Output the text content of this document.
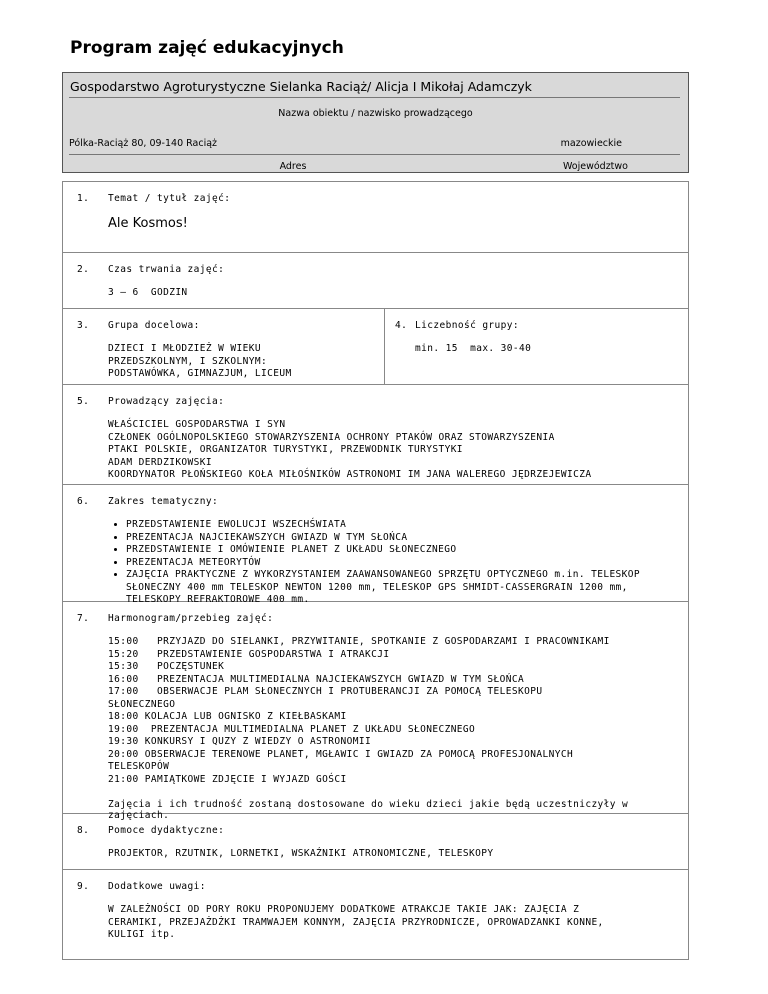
Program zajęć edukacyjnych
Gospodarstwo Agroturystyczne Sielanka Raciąż/ Alicja I Mikołaj Adamczyk
Nazwa obiektu / nazwisko prowadzącego
Pólka-Raciąż 80, 09-140 Raciąż	mazowieckie
Adres	Województwo
1. Temat / tytuł zajęć:
Ale Kosmos!
2. Czas trwania zajęć:
3 – 6  GODZIN
3. Grupa docelowa:
DZIECI I MŁODZIEŻ W WIEKU
PRZEDSZKOLNYM, I SZKOLNYM:
PODSTAWÓWKA, GIMNAZJUM, LICEUM
4. Liczebność grupy:
min. 15  max. 30-40
5. Prowadzący zajęcia:
WŁAŚCICIEL GOSPODARSTWA I SYN
CZŁONEK OGÓLNOPOLSKIEGO STOWARZYSZENIA OCHRONY PTAKÓW ORAZ STOWARZYSZENIA
PTAKI POLSKIE, ORGANIZATOR TURYSTYKI, PRZEWODNIK TURYSTYKI
ADAM DERDZIKOWSKI
KOORDYNATOR PŁOŃSKIEGO KOŁA MIŁOŚNIKÓW ASTRONOMI IM JANA WALEREGO JĘDRZEJEWICZA
6. Zakres tematyczny:
• PRZEDSTAWIENIE EWOLUCJI WSZECHŚWIATA
• PREZENTACJA NAJCIEKAWSZYCH GWIAZD W TYM SŁOŃCA
• PRZEDSTAWIENIE I OMÓWIENIE PLANET Z UKŁADU SŁONECZNEGO
• PREZENTACJA METEORYTÓW
• ZAJĘCIA PRAKTYCZNE Z WYKORZYSTANIEM ZAAWANSOWANEGO SPRZĘTU OPTYCZNEGO m.in. TELESKOP SŁONECZNY 400 mm TELESKOP NEWTON 1200 mm, TELESKOP GPS SHMIDT-CASSERGRAIN 1200 mm, TELESKOPY REFRAKTOROWE 400 mm.
7. Harmonogram/przebieg zajęć:
15:00   PRZYJAZD DO SIELANKI, PRZYWITANIE, SPOTKANIE Z GOSPODARZAMI I PRACOWNIKAMI
15:20   PRZEDSTAWIENIE GOSPODARSTWA I ATRAKCJI
15:30   POCZĘSTUNEK
16:00   PREZENTACJA MULTIMEDIALNA NAJCIEKAWSZYCH GWIAZD W TYM SŁOŃCA
17:00   OBSERWACJE PLAM SŁONECZNYCH I PROTUBERANCJI ZA POMOCĄ TELESKOPU
SŁONECZNEGO
18:00 KOLACJA LUB OGNISKO Z KIEŁBASKAMI
19:00  PREZENTACJA MULTIMEDIALNA PLANET Z UKŁADU SŁONECZNEGO
19:30 KONKURSY I QUZY Z WIEDZY O ASTRONOMII
20:00 OBSERWACJE TERENOWE PLANET, MGŁAWIC I GWIAZD ZA POMOCĄ PROFESJONALNYCH
TELESKOPÓW
21:00 PAMIĄTKOWE ZDJĘCIE I WYJAZD GOŚCI
Zajęcia i ich trudność zostaną dostosowane do wieku dzieci jakie będą uczestniczyły w zajęciach.
8. Pomoce dydaktyczne:
PROJEKTOR, RZUTNIK, LORNETKI, WSKAŹNIKI ATRONOMICZNE, TELESKOPY
9. Dodatkowe uwagi:
W ZALEŻNOŚCI OD PORY ROKU PROPONUJEMY DODATKOWE ATRAKCJE TAKIE JAK: ZAJĘCIA Z
CERAMIKI, PRZEJAŻDŻKI TRAMWAJEM KONNYM, ZAJĘCIA PRZYRODNICZE, OPROWADZANKI KONNE,
KULIGI itp.
